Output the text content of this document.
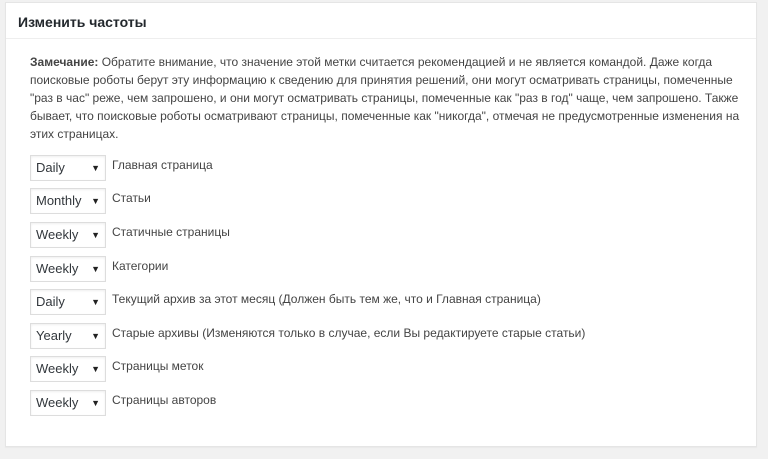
Изменить частоты

Замечание: Обратите внимание, что значение этой метки считается рекомендацией и не является командой. Даже когда поисковые роботы берут эту информацию к сведению для принятия решений, они могут осматривать страницы, помеченные "раз в час" реже, чем запрошено, и они могут осматривать страницы, помеченные как "раз в год" чаще, чем запрошено. Также бывает, что поисковые роботы осматривают страницы, помеченные как "никогда", отмечая не предусмотренные изменения на этих страницах.

Daily	▼ Главная страница
Monthly ▼ Статьи
Weekly ▼ Статичные страницы
Weekly ▼ Категории
Daily	▼ Текущий архив за этот месяц (Должен быть тем же, что и Главная страница)
Yearly ▼ Старые архивы (Изменяются только в случае, если Вы редактируете старые статьи)
Weekly ▼ Страницы меток
Weekly ▼ Страницы авторов
